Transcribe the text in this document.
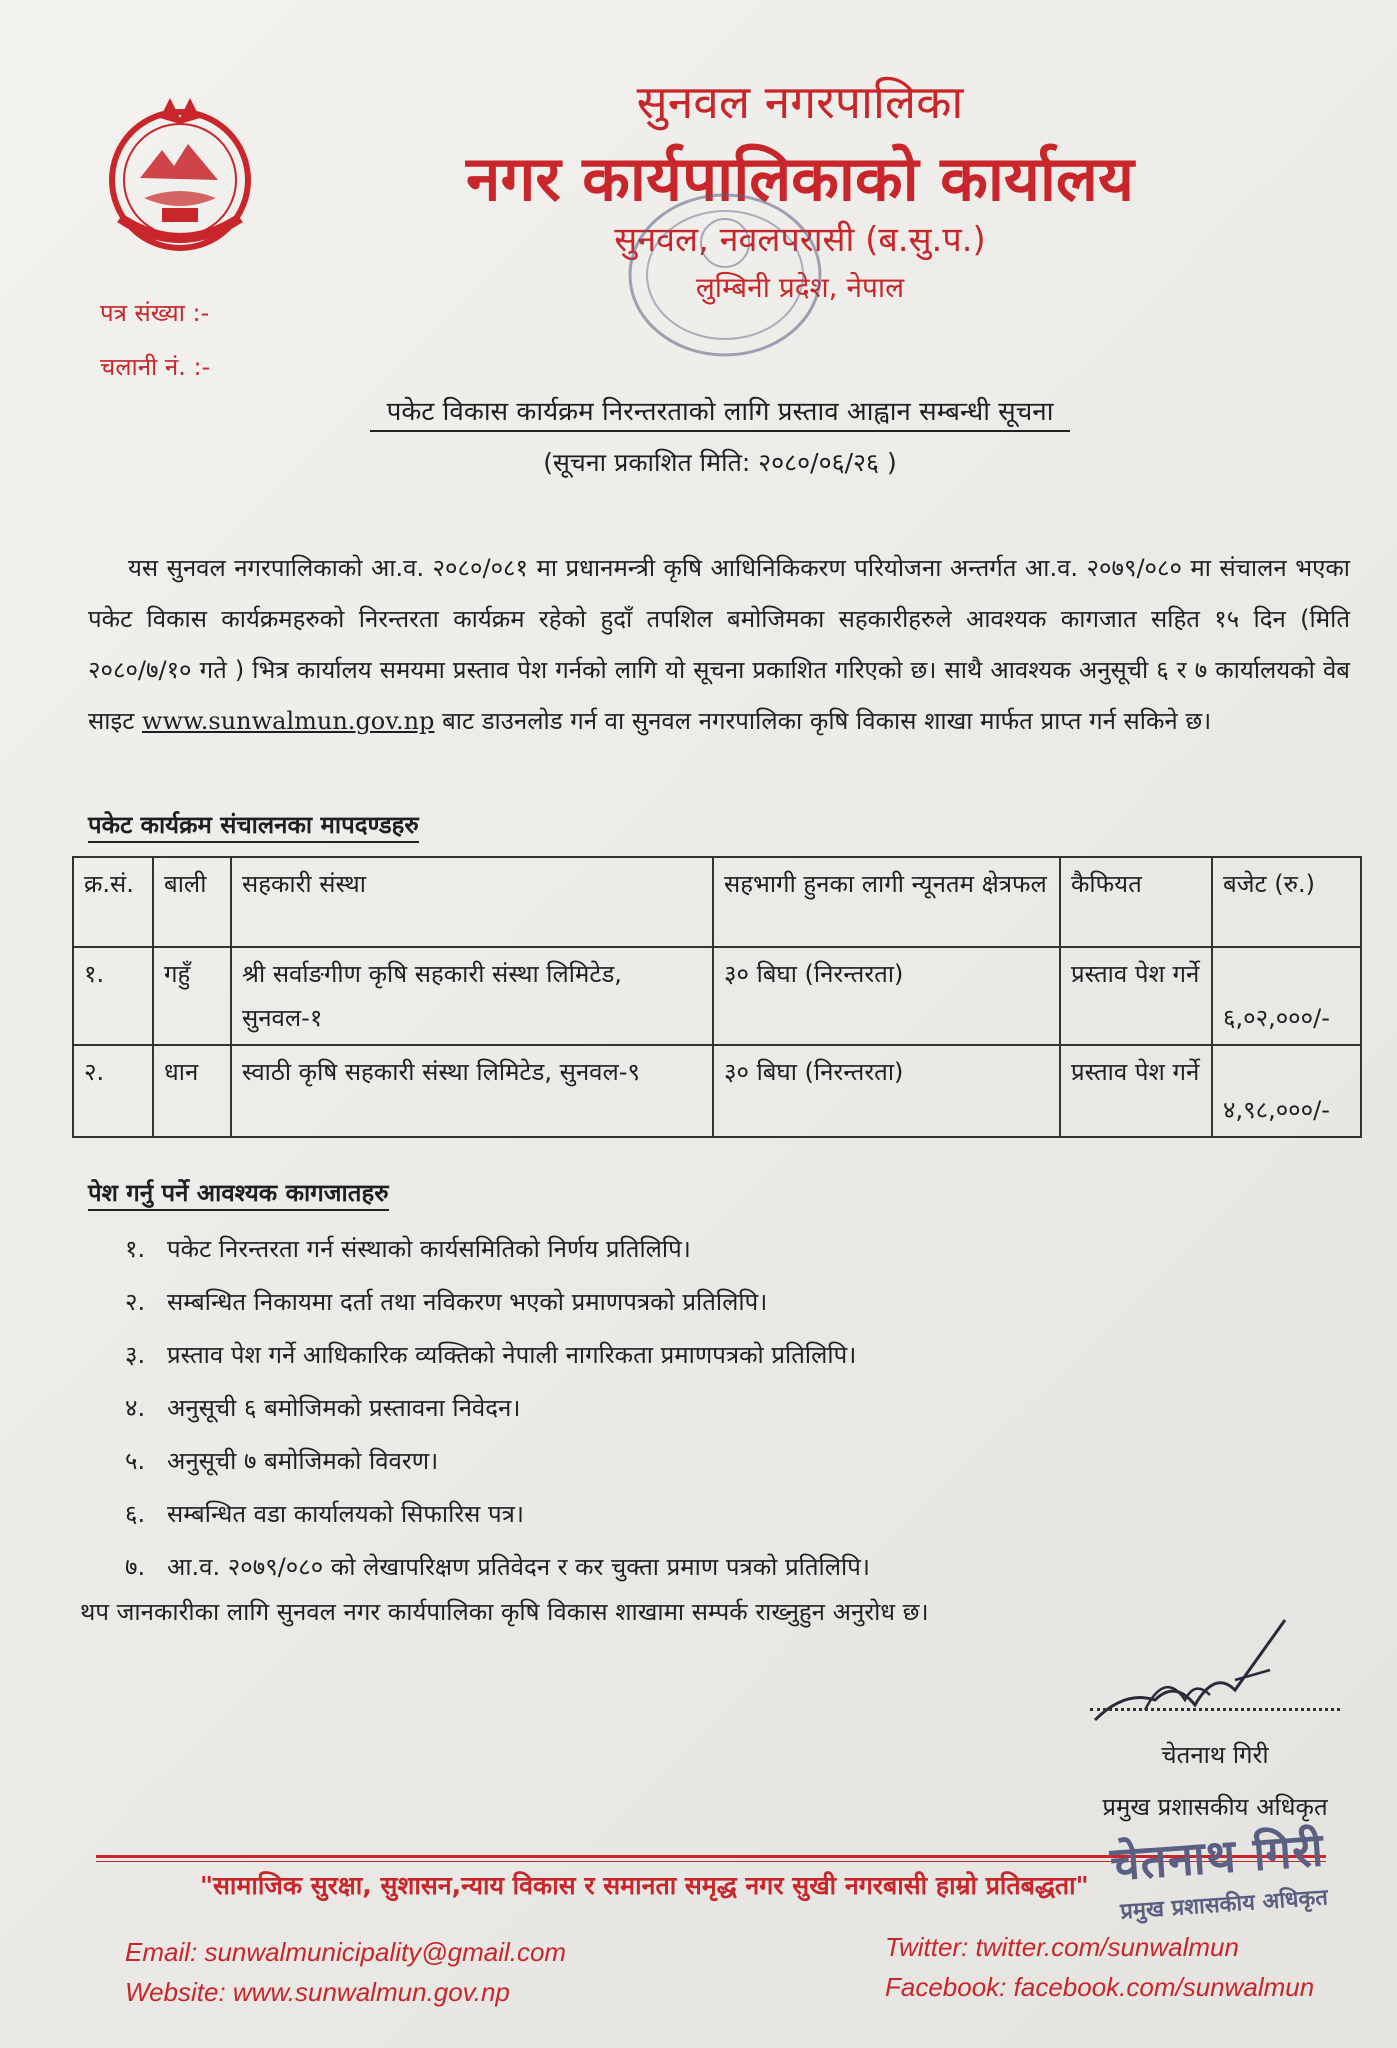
सुनवल नगरपालिका
नगर कार्यपालिकाको कार्यालय
सुनवल, नवलपरासी (ब.सु.प.)
लुम्बिनी प्रदेश, नेपाल
पत्र संख्या :-
चलानी नं. :-
पकेट विकास कार्यक्रम निरन्तरताको लागि प्रस्ताव आह्वान सम्बन्धी सूचना
(सूचना प्रकाशित मिति: २०८०/०६/२६ )
यस सुनवल नगरपालिकाको आ.व. २०८०/०८१ मा प्रधानमन्त्री कृषि आधिनिकिकरण परियोजना अन्तर्गत आ.व. २०७९/०८० मा संचालन भएका पकेट विकास कार्यक्रमहरुको निरन्तरता कार्यक्रम रहेको हुदाँ तपशिल बमोजिमका सहकारीहरुले आवश्यक कागजात सहित १५ दिन (मिति २०८०/७/१० गते ) भित्र कार्यालय समयमा प्रस्ताव पेश गर्नको लागि यो सूचना प्रकाशित गरिएको छ। साथै आवश्यक अनुसूची ६ र ७ कार्यालयको वेब साइट www.sunwalmun.gov.np बाट डाउनलोड गर्न वा सुनवल नगरपालिका कृषि विकास शाखा मार्फत प्राप्त गर्न सकिने छ।
पकेट कार्यक्रम संचालनका मापदण्डहरु
क्र.सं.	बाली	सहकारी संस्था	सहभागी हुनका लागी न्यूनतम क्षेत्रफल	कैफियत	बजेट (रु.)
१.	गहुँ	श्री सर्वाङगीण कृषि सहकारी संस्था लिमिटेड, सुनवल-१	३० बिघा (निरन्तरता)	प्रस्ताव पेश गर्ने	६,०२,०००/-
२.	धान	स्वाठी कृषि सहकारी संस्था लिमिटेड, सुनवल-९	३० बिघा (निरन्तरता)	प्रस्ताव पेश गर्ने	४,९८,०००/-
पेश गर्नु पर्ने आवश्यक कागजातहरु
१. पकेट निरन्तरता गर्न संस्थाको कार्यसमितिको निर्णय प्रतिलिपि।
२. सम्बन्धित निकायमा दर्ता तथा नविकरण भएको प्रमाणपत्रको प्रतिलिपि।
३. प्रस्ताव पेश गर्ने आधिकारिक व्यक्तिको नेपाली नागरिकता प्रमाणपत्रको प्रतिलिपि।
४. अनुसूची ६ बमोजिमको प्रस्तावना निवेदन।
५. अनुसूची ७ बमोजिमको विवरण।
६. सम्बन्धित वडा कार्यालयको सिफारिस पत्र।
७. आ.व. २०७९/०८० को लेखापरिक्षण प्रतिवेदन र कर चुक्ता प्रमाण पत्रको प्रतिलिपि।
थप जानकारीका लागि सुनवल नगर कार्यपालिका कृषि विकास शाखामा सम्पर्क राख्नुहुन अनुरोध छ।
चेतनाथ गिरी
प्रमुख प्रशासकीय अधिकृत
"सामाजिक सुरक्षा, सुशासन,न्याय विकास र समानता समृद्ध नगर सुखी नगरबासी हाम्रो प्रतिबद्धता" चेतनाथ गिरी
प्रमुख प्रशासकीय अधिकृत
Email: sunwalmunicipality@gmail.com
Website: www.sunwalmun.gov.np
Twitter: twitter.com/sunwalmun
Facebook: facebook.com/sunwalmun
